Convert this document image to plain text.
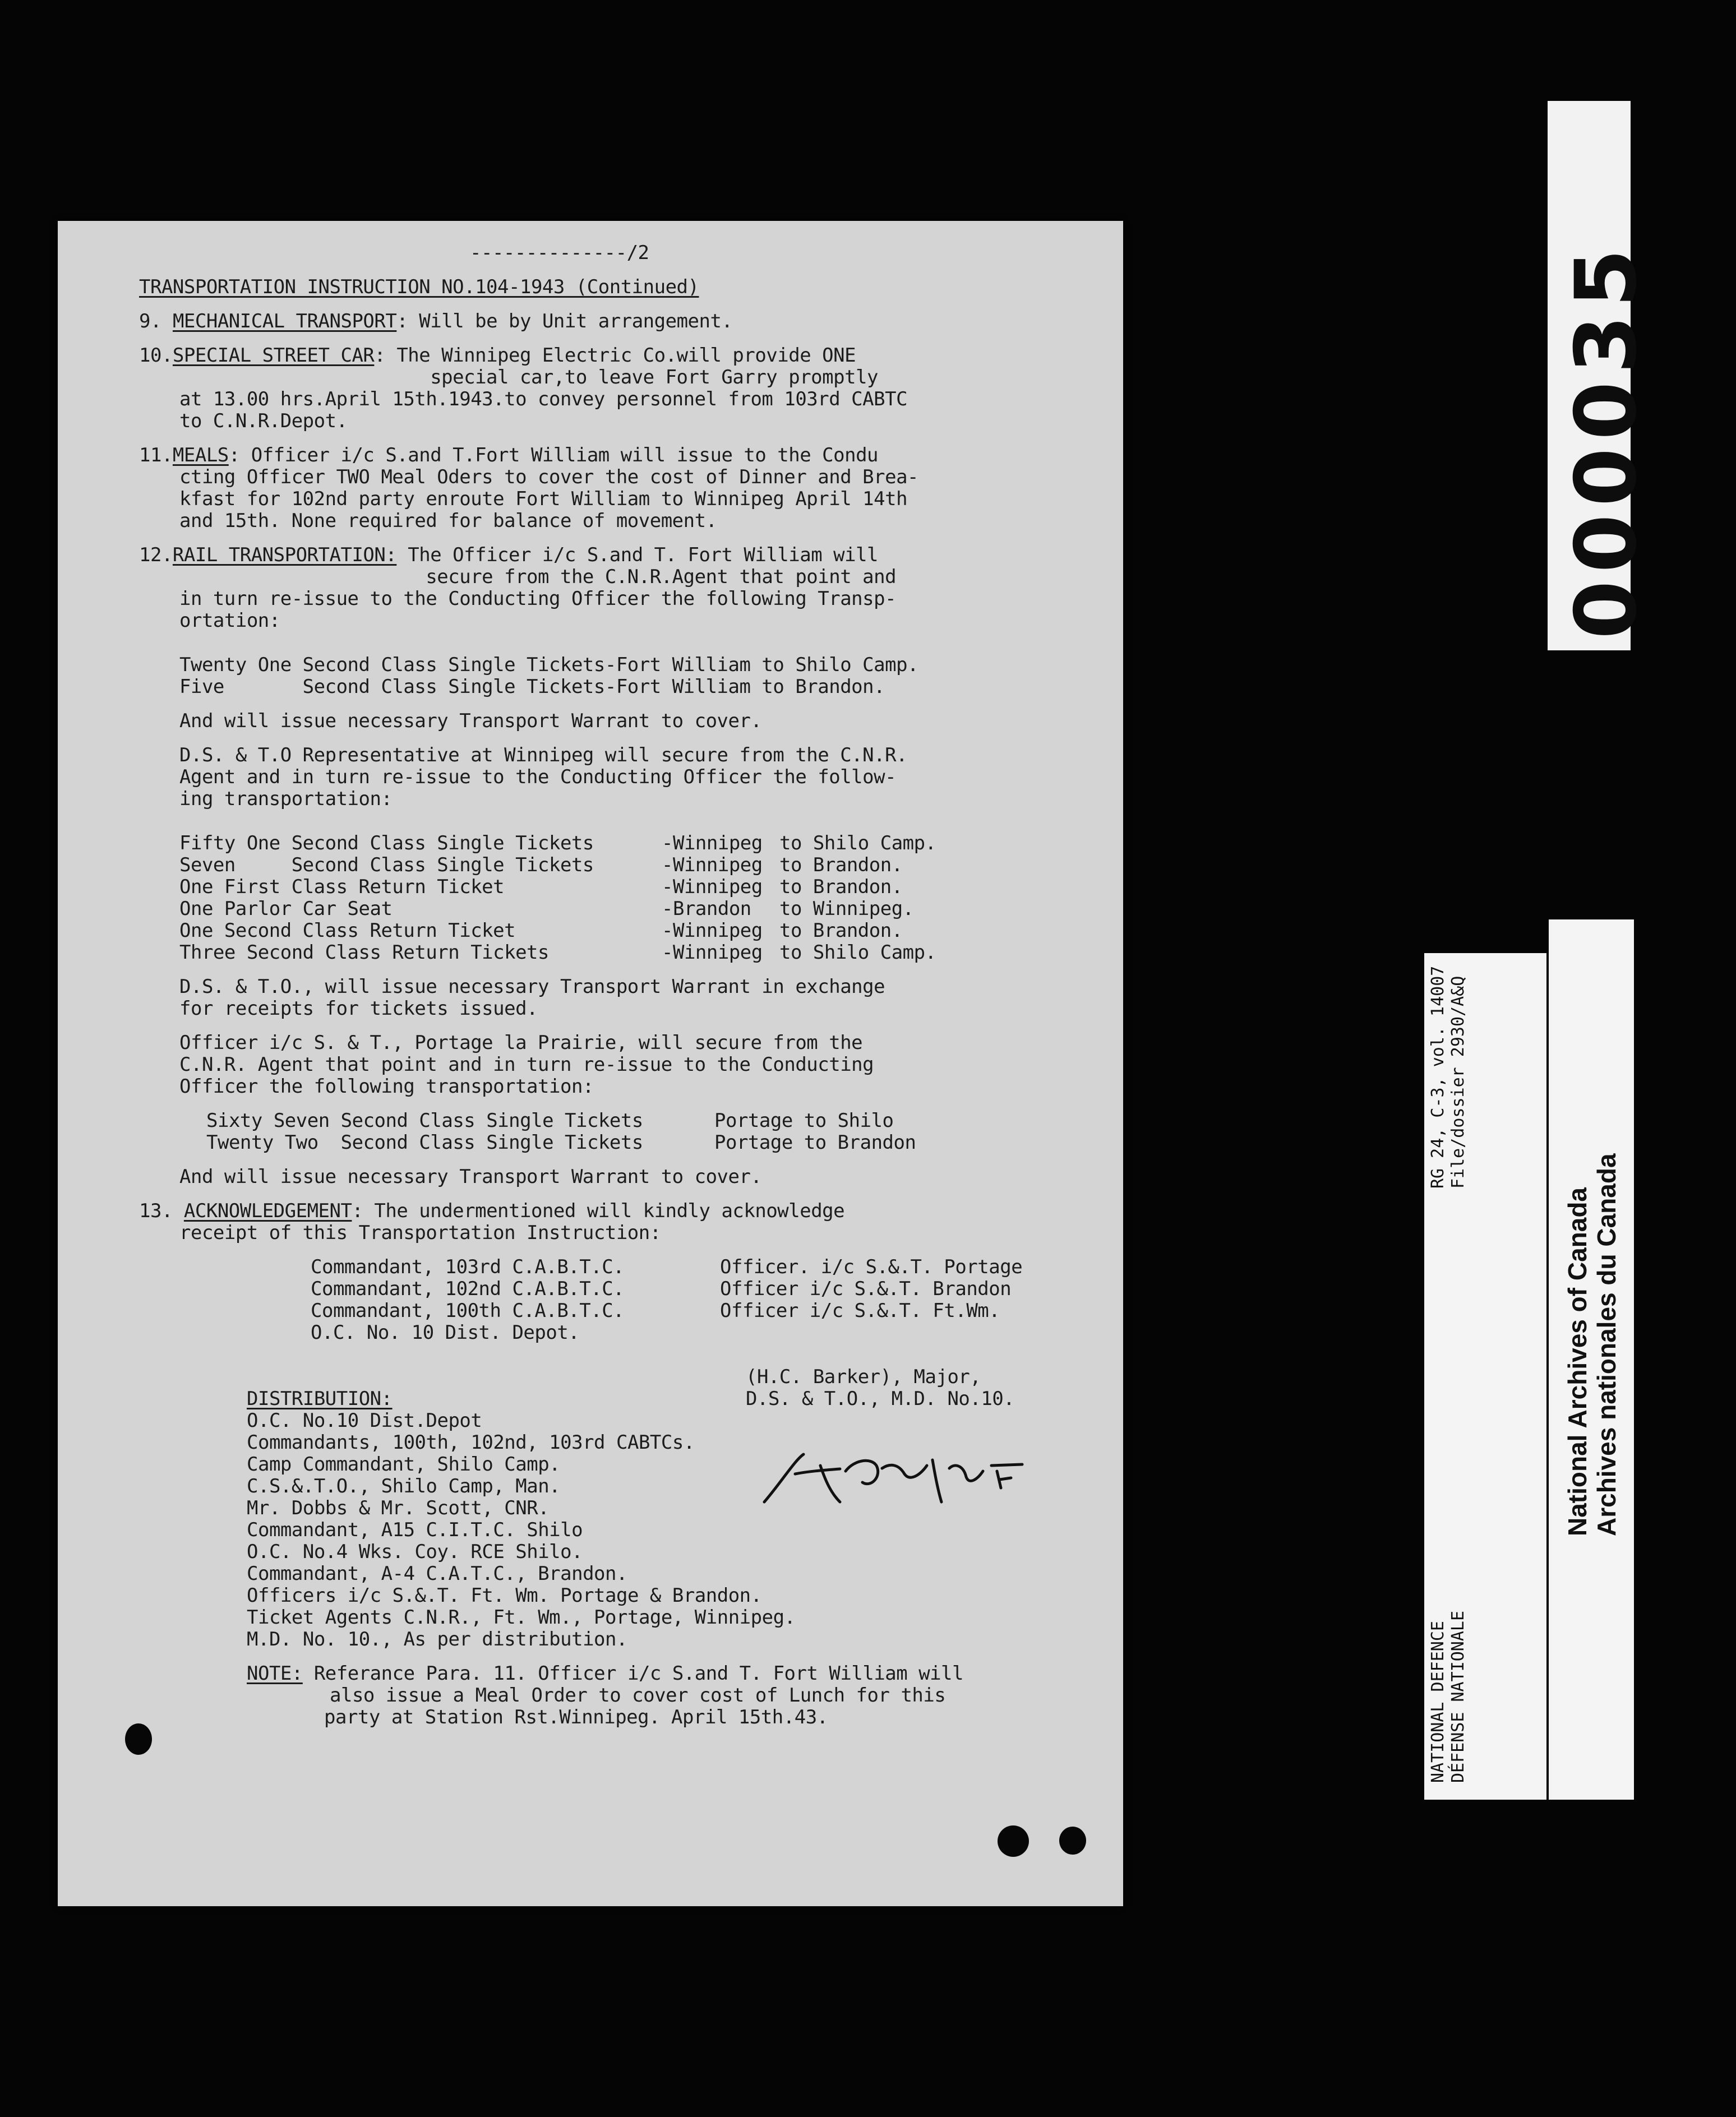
--------------/2
TRANSPORTATION INSTRUCTION NO.104-1943 (Continued)
9. MECHANICAL TRANSPORT: Will be by Unit arrangement.
10.SPECIAL STREET CAR: The Winnipeg Electric Co.will provide ONE
special car,to leave Fort Garry promptly
at 13.00 hrs.April 15th.1943.to convey personnel from 103rd CABTC
to C.N.R.Depot.
11.MEALS: Officer i/c S.and T.Fort William will issue to the Condu
cting Officer TWO Meal Oders to cover the cost of Dinner and Brea-
kfast for 102nd party enroute Fort William to Winnipeg April 14th
and 15th. None required for balance of movement.
12.RAIL TRANSPORTATION: The Officer i/c S.and T. Fort William will
secure from the C.N.R.Agent that point and
in turn re-issue to the Conducting Officer the following Transp-
ortation:
Twenty One Second Class Single Tickets-Fort William to Shilo Camp.
Five       Second Class Single Tickets-Fort William to Brandon.
And will issue necessary Transport Warrant to cover.
D.S. & T.O Representative at Winnipeg will secure from the C.N.R.
Agent and in turn re-issue to the Conducting Officer the follow-
ing transportation:
Fifty One Second Class Single Tickets	-Winnipeg to Shilo Camp.
Seven     Second Class Single Tickets	-Winnipeg to Brandon.
One First Class Return Ticket	-Winnipeg to Brandon.
One Parlor Car Seat	-Brandon to Winnipeg.
One Second Class Return Ticket	-Winnipeg to Brandon.
Three Second Class Return Tickets	-Winnipeg to Shilo Camp.
D.S. & T.O., will issue necessary Transport Warrant in exchange
for receipts for tickets issued.
Officer i/c S. & T., Portage la Prairie, will secure from the
C.N.R. Agent that point and in turn re-issue to the Conducting
Officer the following transportation:
Sixty Seven Second Class Single Tickets	Portage to Shilo
Twenty Two  Second Class Single Tickets	Portage to Brandon
And will issue necessary Transport Warrant to cover.
13. ACKNOWLEDGEMENT: The undermentioned will kindly acknowledge
receipt of this Transportation Instruction:
Commandant, 103rd C.A.B.T.C.	Officer. i/c S.&.T. Portage
Commandant, 102nd C.A.B.T.C.	Officer i/c S.&.T. Brandon
Commandant, 100th C.A.B.T.C.	Officer i/c S.&.T. Ft.Wm.
O.C. No. 10 Dist. Depot.
(H.C. Barker), Major,
DISTRIBUTION:	D.S. & T.O., M.D. No.10.
O.C. No.10 Dist.Depot
Commandants, 100th, 102nd, 103rd CABTCs.
Camp Commandant, Shilo Camp.
C.S.&.T.O., Shilo Camp, Man.
Mr. Dobbs & Mr. Scott, CNR.
Commandant, A15 C.I.T.C. Shilo
O.C. No.4 Wks. Coy. RCE Shilo.
Commandant, A-4 C.A.T.C., Brandon.
Officers i/c S.&.T. Ft. Wm. Portage & Brandon.
Ticket Agents C.N.R., Ft. Wm., Portage, Winnipeg.
M.D. No. 10., As per distribution.
NOTE: Referance Para. 11. Officer i/c S.and T. Fort William will
also issue a Meal Order to cover cost of Lunch for this
party at Station Rst.Winnipeg. April 15th.43.
000035
RG 24, C-3, vol. 14007 File/dossier 2930/A&Q
NATIONAL DEFENCE DÉFENSE NATIONALE
National Archives of Canada Archives nationales du Canada
